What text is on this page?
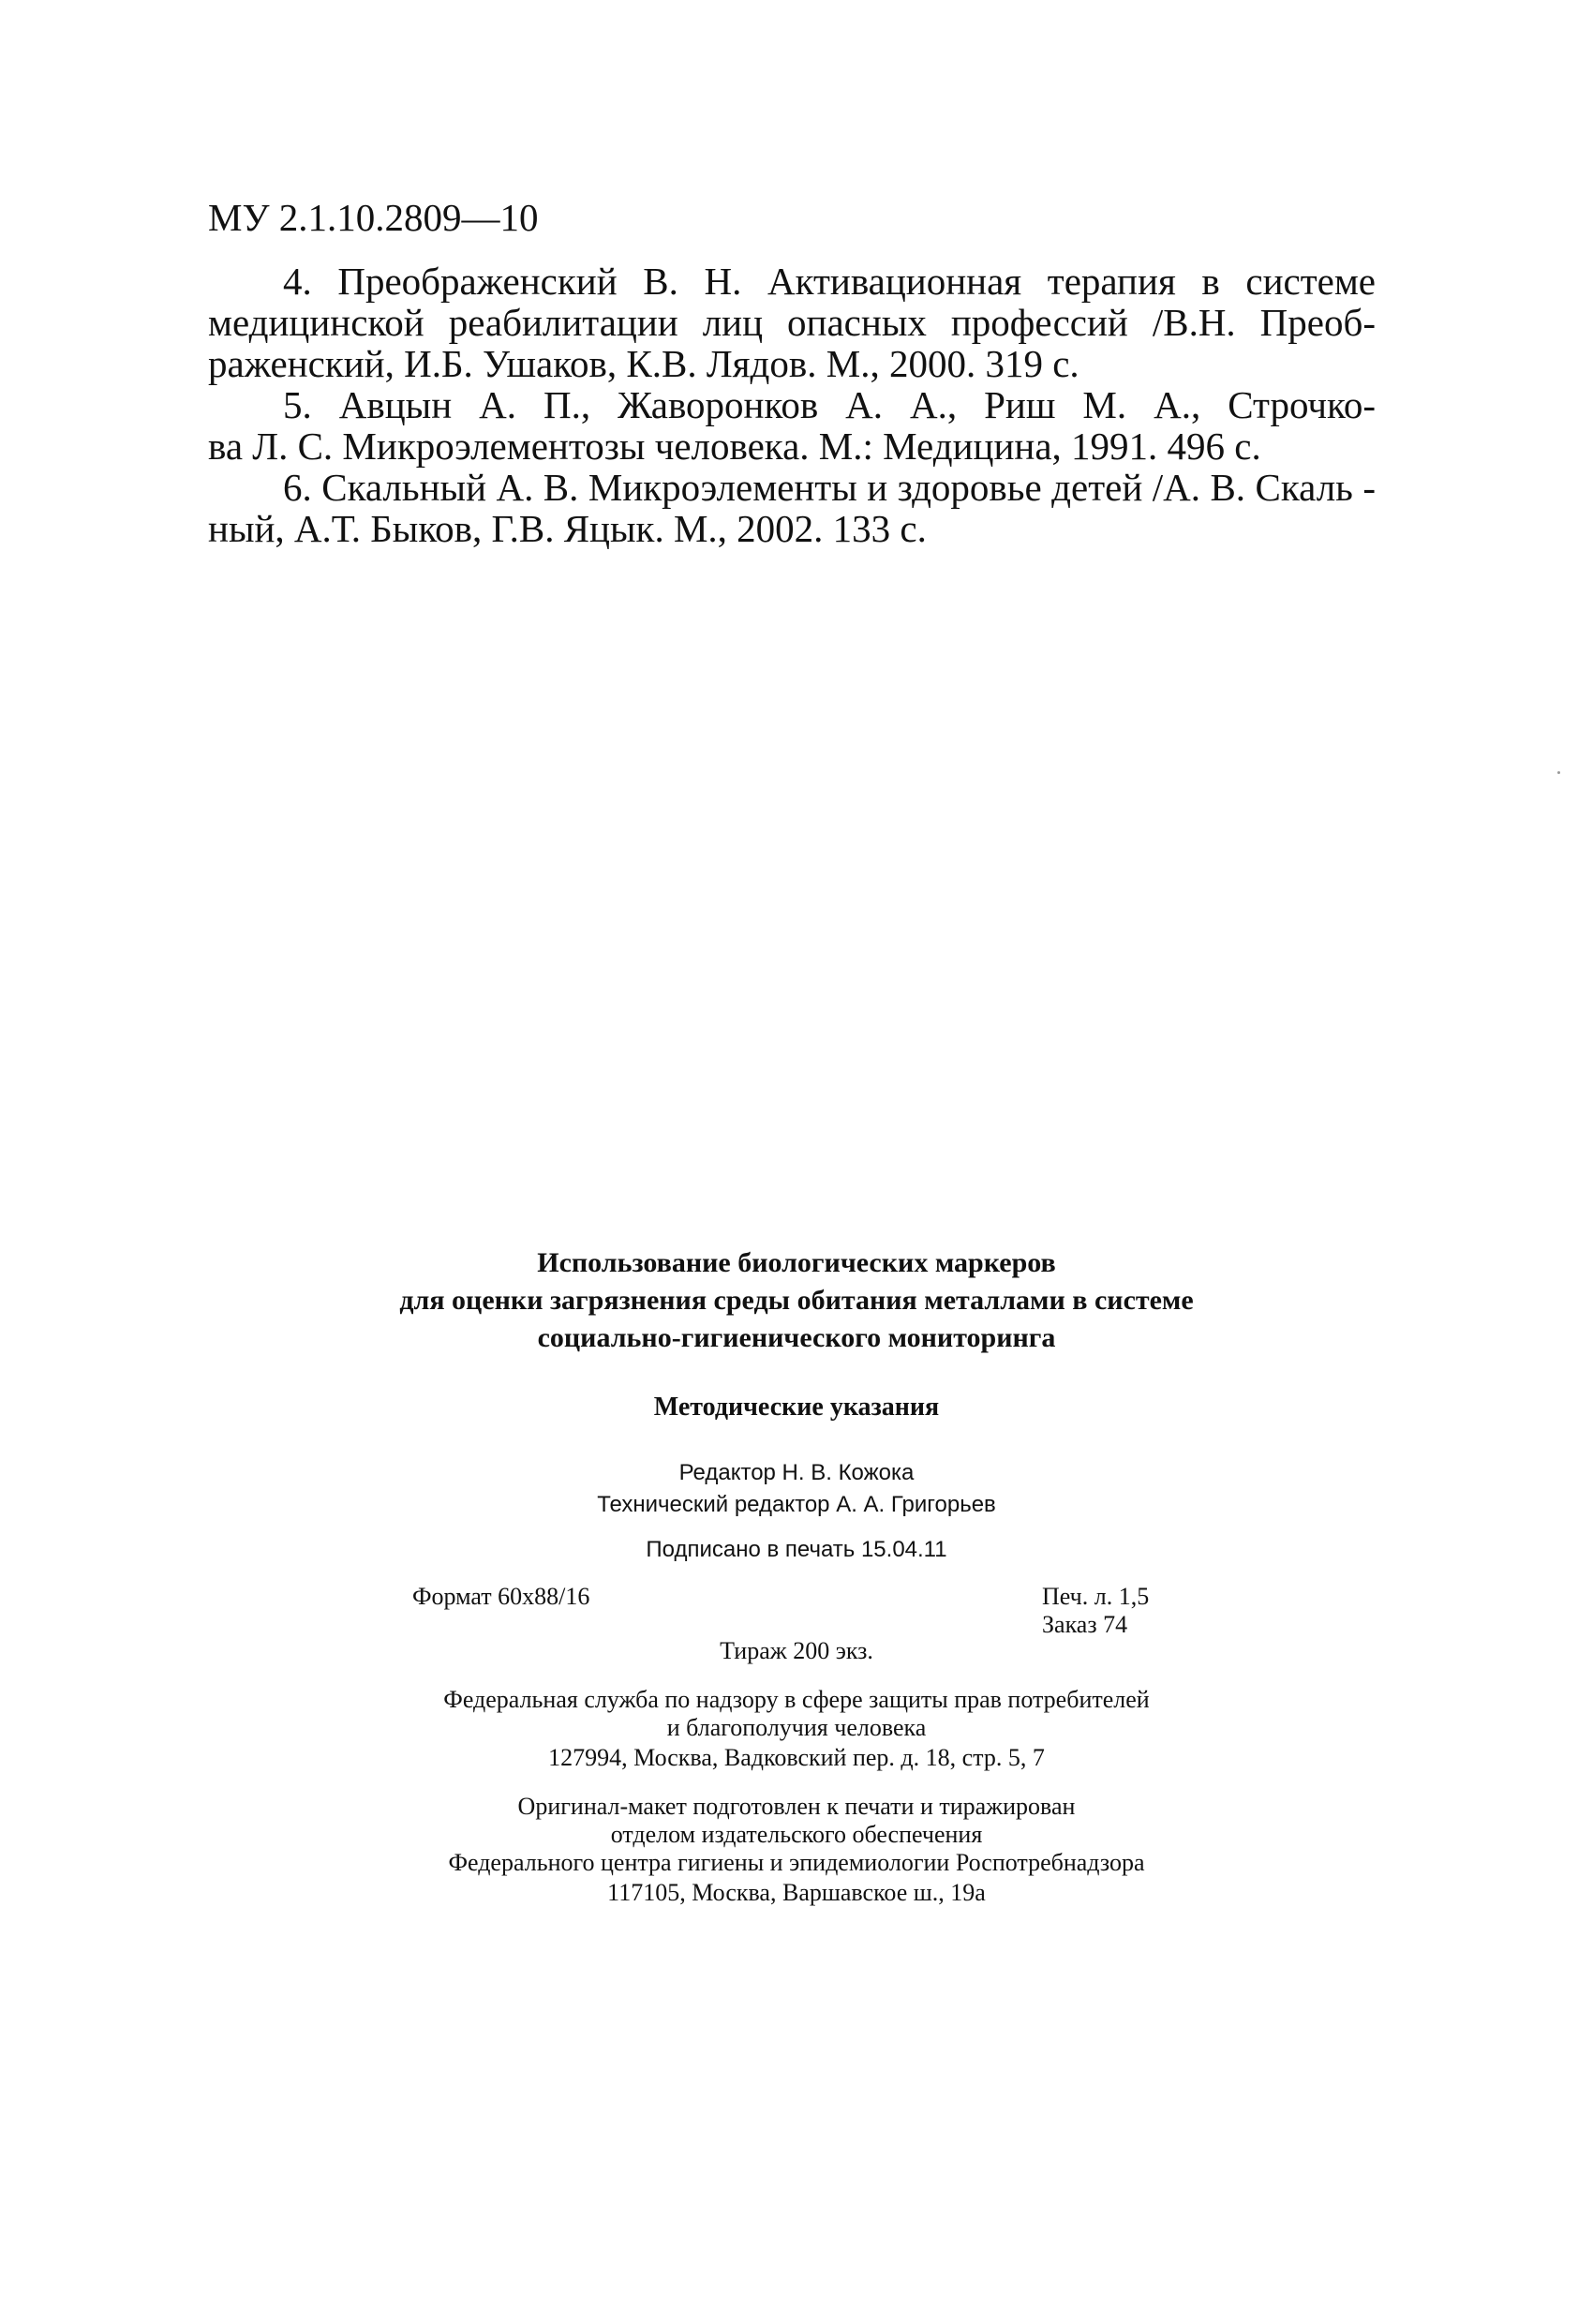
МУ 2.1.10.2809—10
4. Преображенский В. Н. Активационная терапия в системе
медицинской реабилитации лиц опасных профессий /В.Н. Преоб-
раженский, И.Б. Ушаков, К.В. Лядов. М., 2000. 319 с.
5. Авцын А. П., Жаворонков А. А., Риш М. А., Строчко-
ва Л. С. Микроэлементозы человека. М.: Медицина, 1991. 496 с.
6. Скальный А. В. Микроэлементы и здоровье детей /А. В. Скаль -
ный, А.Т. Быков, Г.В. Яцык. М., 2002. 133 с.
Использование биологических маркеров
для оценки загрязнения среды обитания металлами в системе
социально-гигиенического мониторинга
Методические указания
Редактор Н. В. Кожока
Технический редактор А. А. Григорьев
Подписано в печать 15.04.11
Формат 60x88/16	Печ. л. 1,5
Заказ 74
Тираж 200 экз.
Федеральная служба по надзору в сфере защиты прав потребителей
и благополучия человека
127994, Москва, Вадковский пер. д. 18, стр. 5, 7
Оригинал-макет подготовлен к печати и тиражирован
отделом издательского обеспечения
Федерального центра гигиены и эпидемиологии Роспотребнадзора
117105, Москва, Варшавское ш., 19а
